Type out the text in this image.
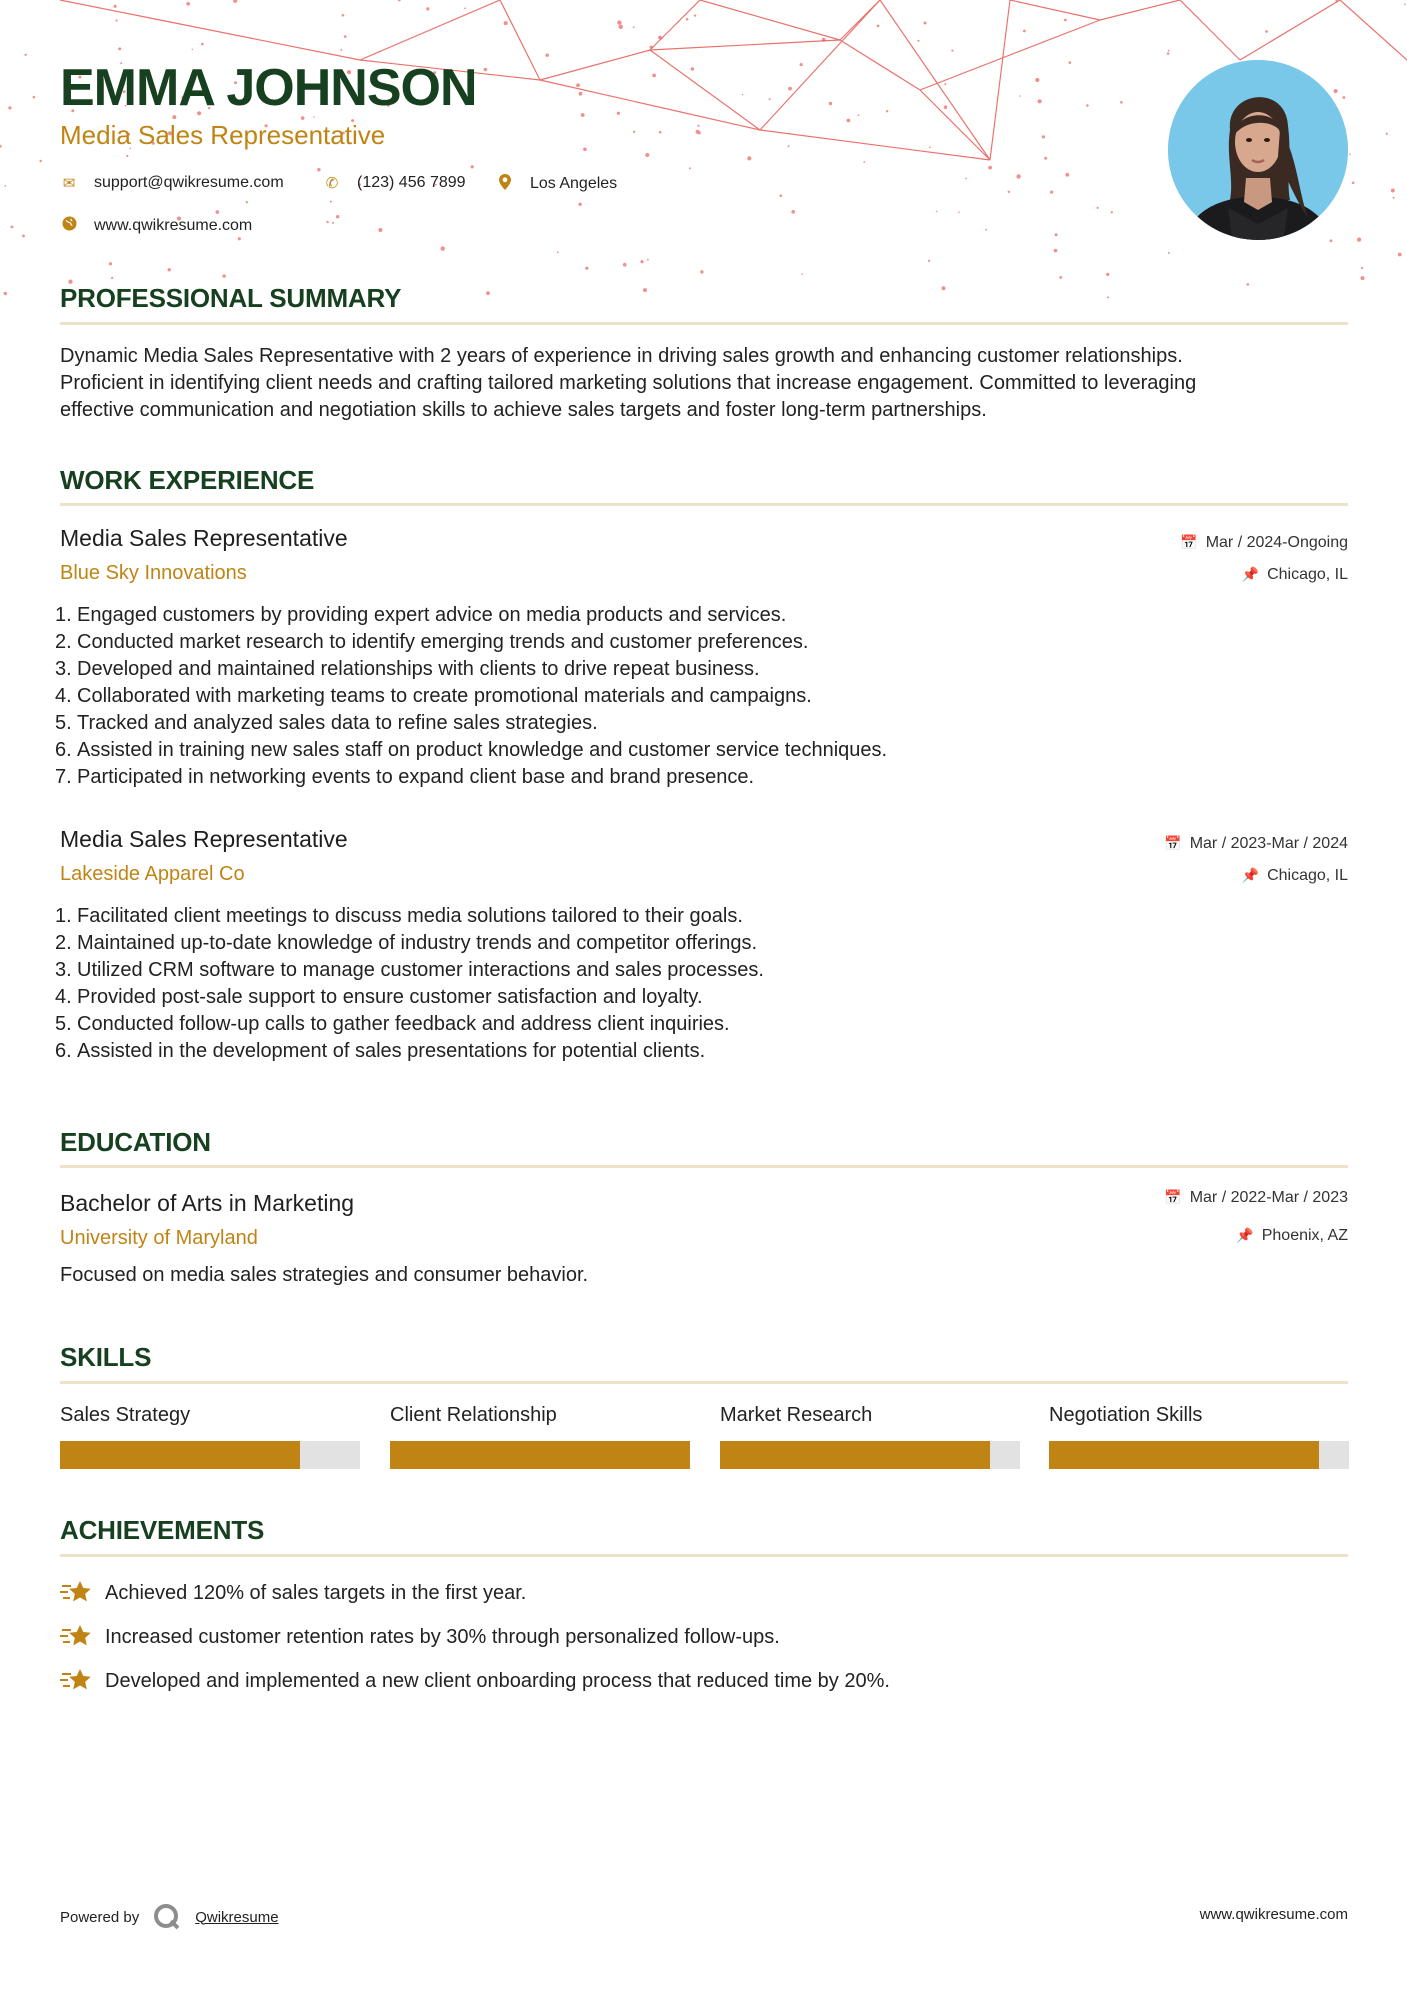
EMMA JOHNSON
Media Sales Representative
✉ support@qwikresume.com	✆ (123) 456 7899	Los Angeles
www.qwikresume.com
PROFESSIONAL SUMMARY
Dynamic Media Sales Representative with 2 years of experience in driving sales growth and enhancing customer relationships.
Proficient in identifying client needs and crafting tailored marketing solutions that increase engagement. Committed to leveraging
effective communication and negotiation skills to achieve sales targets and foster long-term partnerships.
WORK EXPERIENCE
Media Sales Representative
Blue Sky Innovations
📅 Mar / 2024-Ongoing
📌 Chicago, IL
1. Engaged customers by providing expert advice on media products and services.
2. Conducted market research to identify emerging trends and customer preferences.
3. Developed and maintained relationships with clients to drive repeat business.
4. Collaborated with marketing teams to create promotional materials and campaigns.
5. Tracked and analyzed sales data to refine sales strategies.
6. Assisted in training new sales staff on product knowledge and customer service techniques.
7. Participated in networking events to expand client base and brand presence.
Media Sales Representative
Lakeside Apparel Co
📅 Mar / 2023-Mar / 2024
📌 Chicago, IL
1. Facilitated client meetings to discuss media solutions tailored to their goals.
2. Maintained up-to-date knowledge of industry trends and competitor offerings.
3. Utilized CRM software to manage customer interactions and sales processes.
4. Provided post-sale support to ensure customer satisfaction and loyalty.
5. Conducted follow-up calls to gather feedback and address client inquiries.
6. Assisted in the development of sales presentations for potential clients.
EDUCATION
Bachelor of Arts in Marketing
University of Maryland
📅 Mar / 2022-Mar / 2023
📌 Phoenix, AZ
Focused on media sales strategies and consumer behavior.
SKILLS
Sales Strategy	Client Relationship	Market Research	Negotiation Skills
ACHIEVEMENTS
Achieved 120% of sales targets in the first year.
Increased customer retention rates by 30% through personalized follow-ups.
Developed and implemented a new client onboarding process that reduced time by 20%.
Powered by	Qwikresume	www.qwikresume.com
